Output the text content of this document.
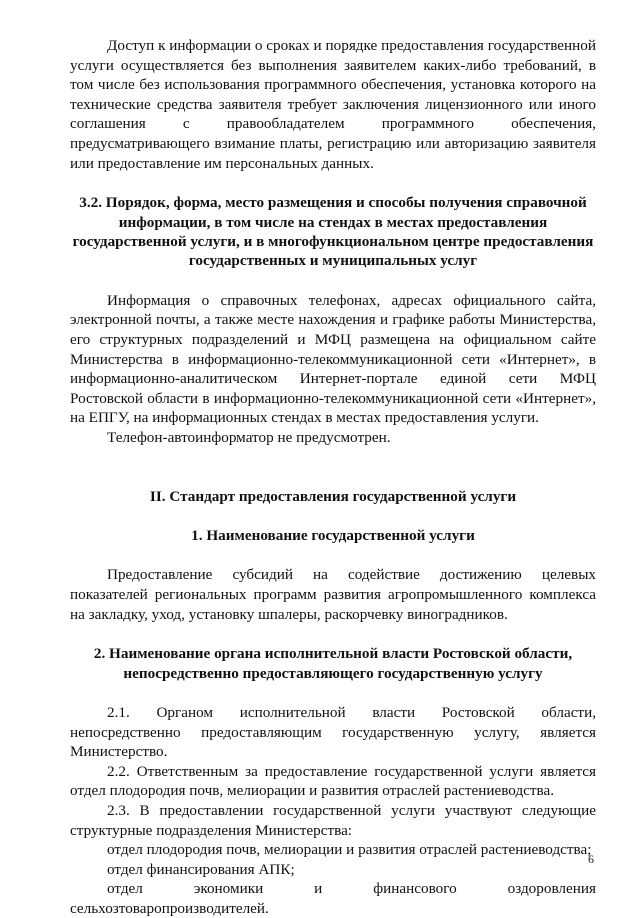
Доступ к информации о сроках и порядке предоставления государственной услуги осуществляется без выполнения заявителем каких-либо требований, в том числе без использования программного обеспечения, установка которого на технические средства заявителя требует заключения лицензионного или иного соглашения с правообладателем программного обеспечения, предусматривающего взимание платы, регистрацию или авторизацию заявителя или предоставление им персональных данных.

3.2. Порядок, форма, место размещения и способы получения справочной информации, в том числе на стендах в местах предоставления государственной услуги, и в многофункциональном центре предоставления государственных и муниципальных услуг

Информация о справочных телефонах, адресах официального сайта, электронной почты, а также месте нахождения и графике работы Министерства, его структурных подразделений и МФЦ размещена на официальном сайте Министерства в информационно-телекоммуникационной сети «Интернет», в информационно-аналитическом Интернет-портале единой сети МФЦ Ростовской области в информационно-телекоммуникационной сети «Интернет», на ЕПГУ, на информационных стендах в местах предоставления услуги.

Телефон-автоинформатор не предусмотрен.

II. Стандарт предоставления государственной услуги

1. Наименование государственной услуги

Предоставление субсидий на содействие достижению целевых показателей региональных программ развития агропромышленного комплекса на закладку, уход, установку шпалеры, раскорчевку виноградников.

2. Наименование органа исполнительной власти Ростовской области, непосредственно предоставляющего государственную услугу

2.1. Органом исполнительной власти Ростовской области, непосредственно предоставляющим государственную услугу, является Министерство.

2.2. Ответственным за предоставление государственной услуги является отдел плодородия почв, мелиорации и развития отраслей растениеводства.

2.3. В предоставлении государственной услуги участвуют следующие структурные подразделения Министерства:

отдел плодородия почв, мелиорации и развития отраслей растениеводства;

отдел финансирования АПК;

отдел экономики и финансового оздоровления сельхозтоваропроизводителей.

6
